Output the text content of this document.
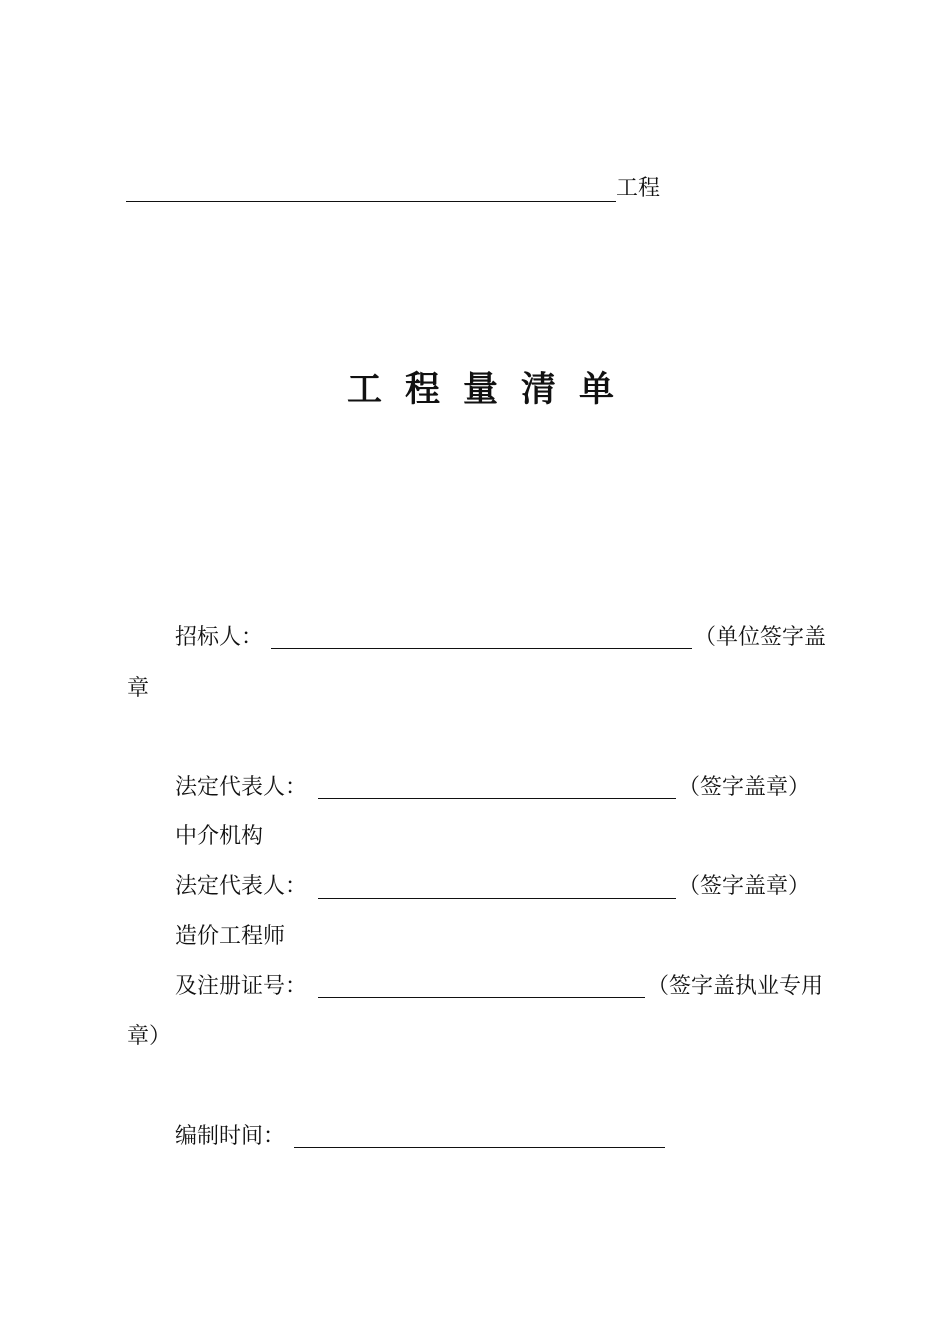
工程
工程量清单
招标人：	（单位签字盖
章
法定代表人：	（签字盖章）
中介机构
法定代表人：	（签字盖章）
造价工程师
及注册证号：	（签字盖执业专用
章）
编制时间：
